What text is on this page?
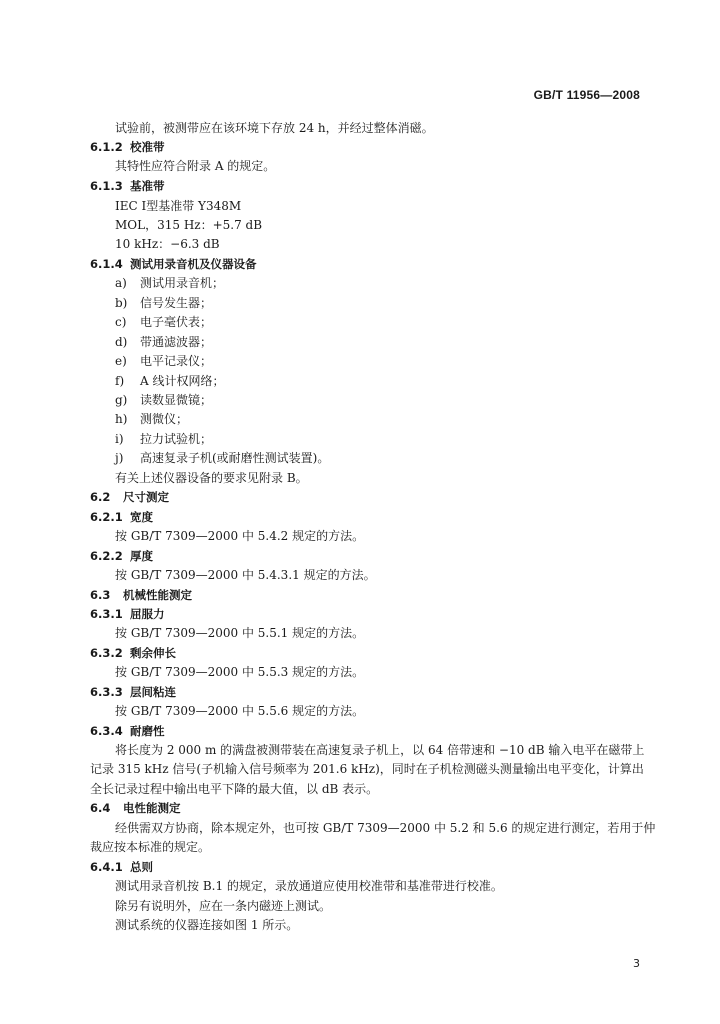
GB/T 11956—2008
试验前，被测带应在该环境下存放 24 h，并经过整体消磁。
6.1.2 校准带
其特性应符合附录 A 的规定。
6.1.3 基准带
IEC Ⅰ型基准带 Y348M
MOL，315 Hz：+5.7 dB
10 kHz：−6.3 dB
6.1.4 测试用录音机及仪器设备
a) 测试用录音机；
b) 信号发生器；
c) 电子毫伏表；
d) 带通滤波器；
e) 电平记录仪；
f) A 线计权网络；
g) 读数显微镜；
h) 测微仪；
i) 拉力试验机；
j) 高速复录子机(或耐磨性测试装置)。
有关上述仪器设备的要求见附录 B。
6.2 尺寸测定
6.2.1 宽度
按 GB/T 7309—2000 中 5.4.2 规定的方法。
6.2.2 厚度
按 GB/T 7309—2000 中 5.4.3.1 规定的方法。
6.3 机械性能测定
6.3.1 屈服力
按 GB/T 7309—2000 中 5.5.1 规定的方法。
6.3.2 剩余伸长
按 GB/T 7309—2000 中 5.5.3 规定的方法。
6.3.3 层间粘连
按 GB/T 7309—2000 中 5.5.6 规定的方法。
6.3.4 耐磨性
将长度为 2 000 m 的满盘被测带装在高速复录子机上，以 64 倍带速和 −10 dB 输入电平在磁带上
记录 315 kHz 信号(子机输入信号频率为 201.6 kHz)，同时在子机检测磁头测量输出电平变化，计算出
全长记录过程中输出电平下降的最大值，以 dB 表示。
6.4 电性能测定
经供需双方协商，除本规定外，也可按 GB/T 7309—2000 中 5.2 和 5.6 的规定进行测定，若用于仲
裁应按本标准的规定。
6.4.1 总则
测试用录音机按 B.1 的规定，录放通道应使用校准带和基准带进行校准。
除另有说明外，应在一条内磁迹上测试。
测试系统的仪器连接如图 1 所示。
3
